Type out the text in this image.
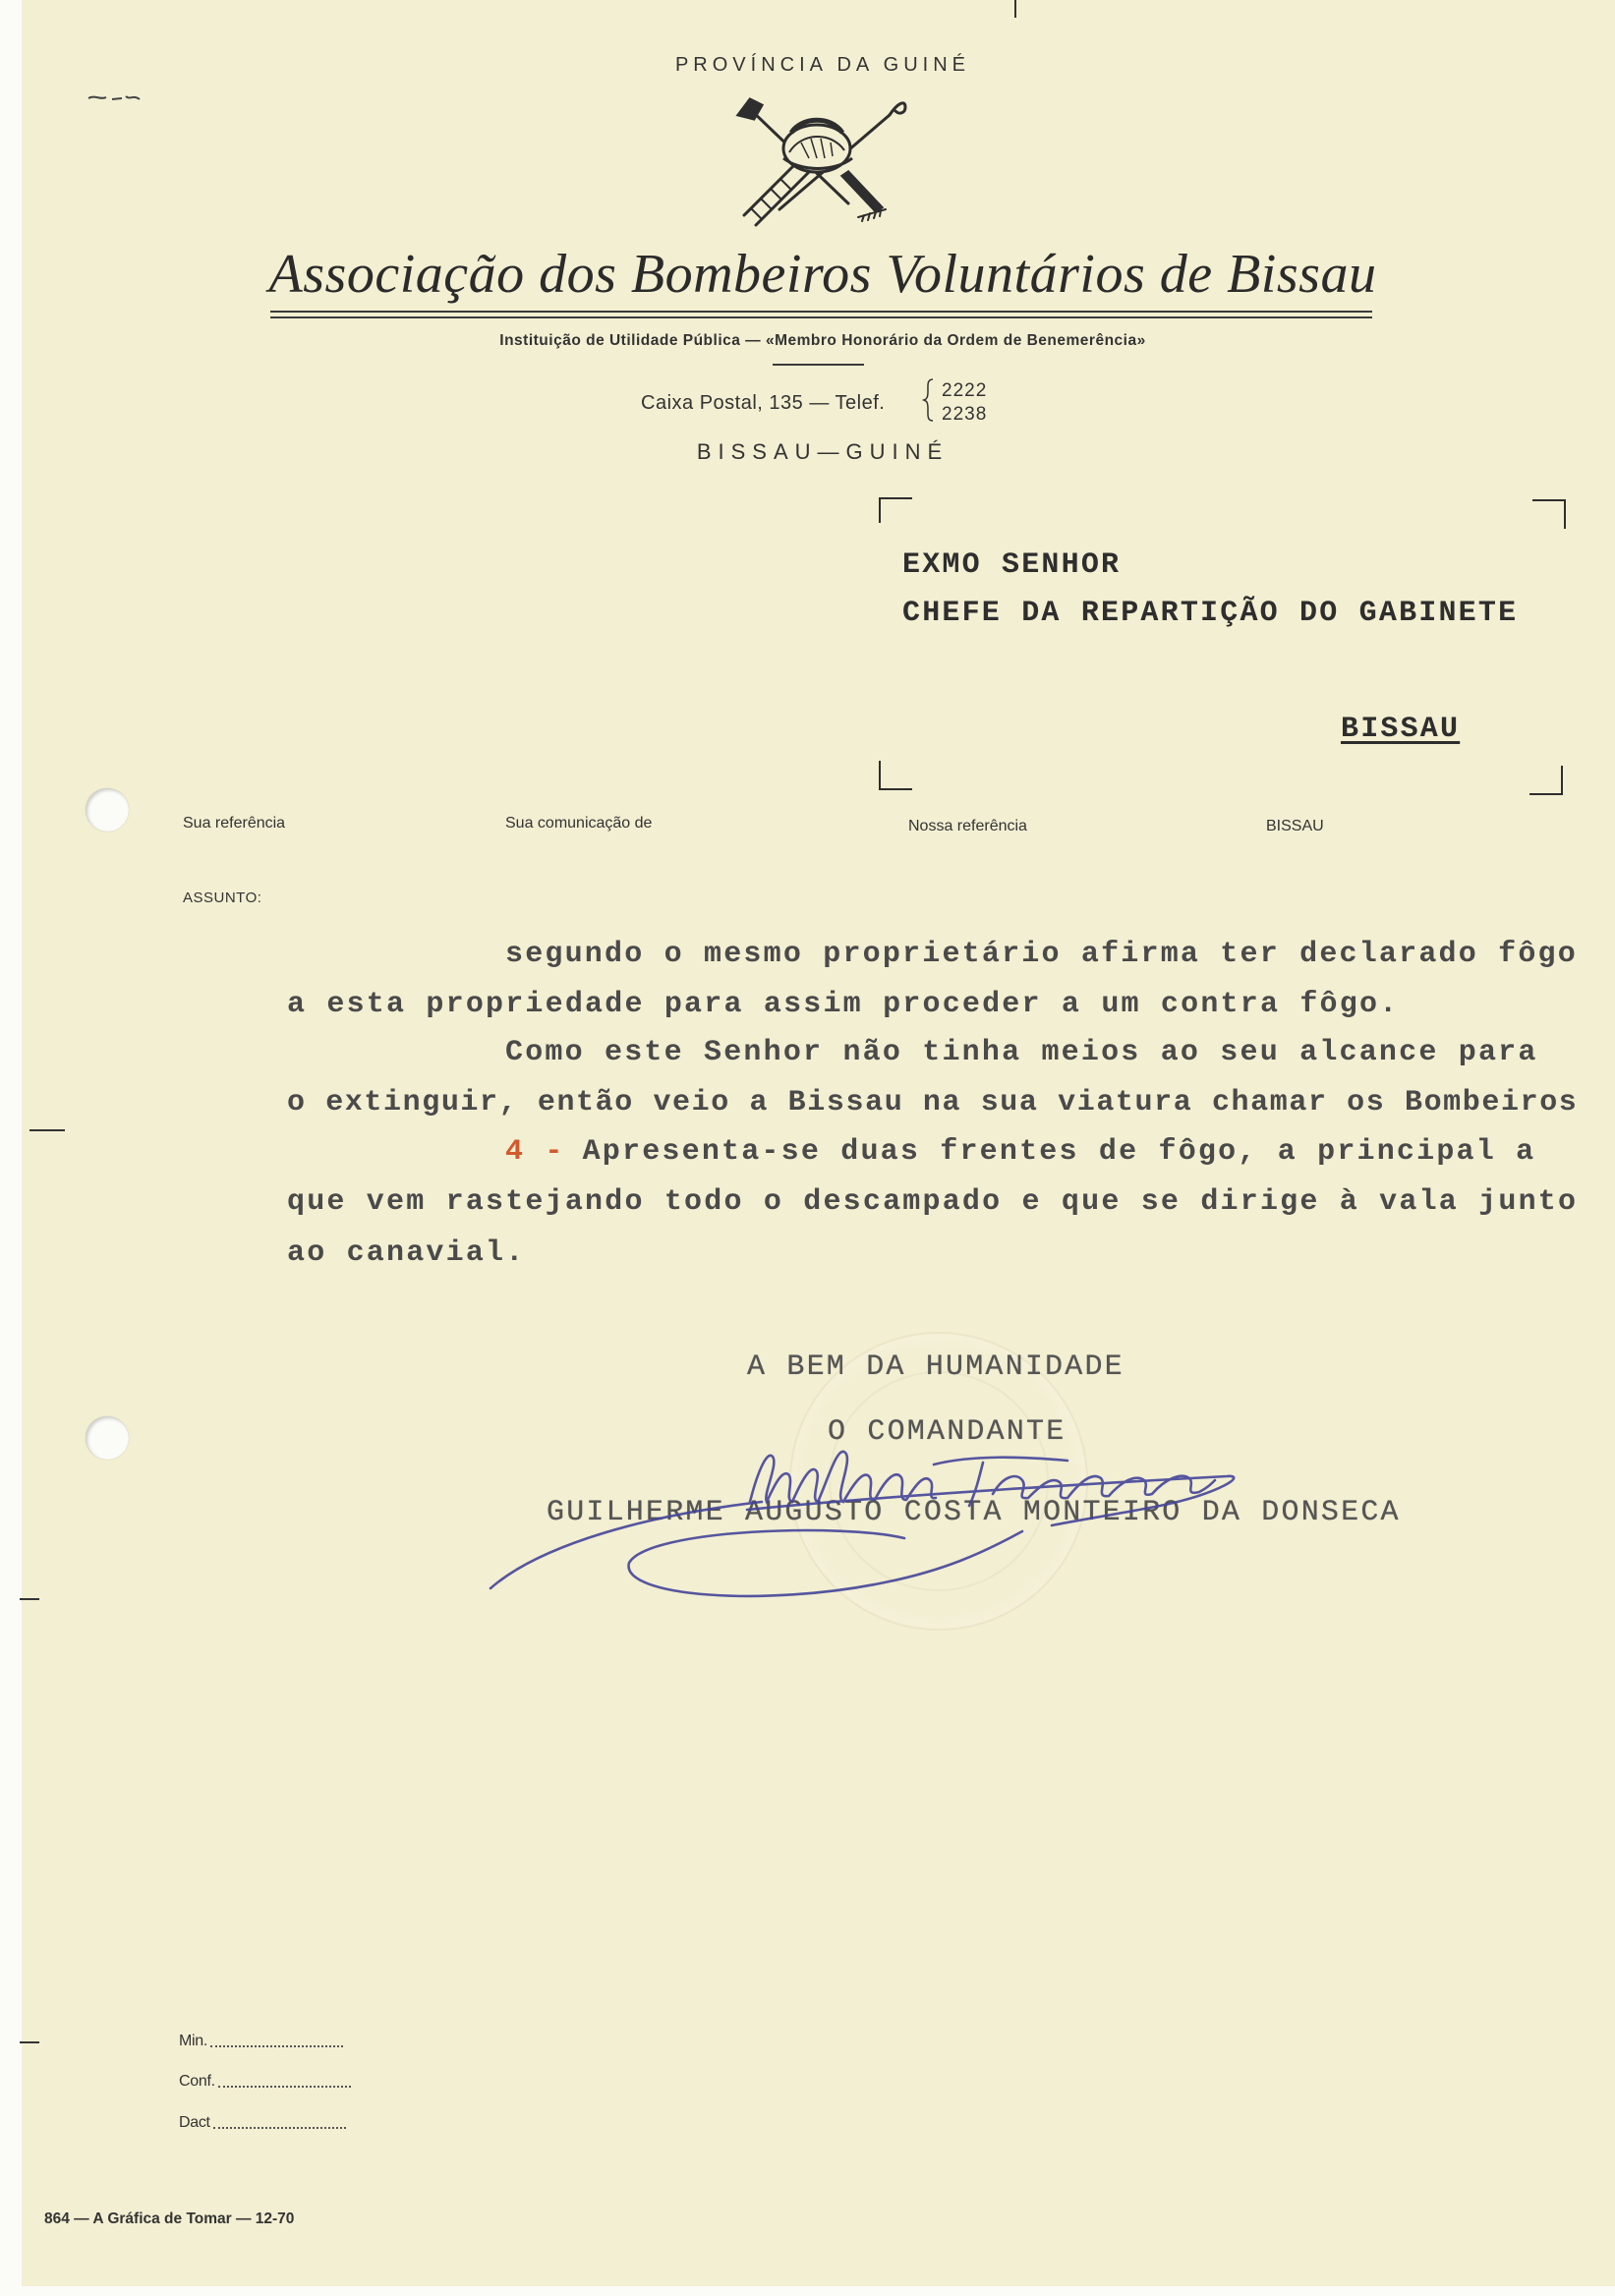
PROVÍNCIA DA GUINÉ
Associação dos Bombeiros Voluntários de Bissau
Instituição de Utilidade Pública — «Membro Honorário da Ordem de Benemerência»
Caixa Postal, 135 — Telef.
2222
2238
BISSAU—GUINÉ
EXMO SENHOR
CHEFE DA REPARTIÇÃO DO GABINETE
BISSAU
Sua referência	Sua comunicação de	Nossa referência	BISSAU
ASSUNTO:
segundo o mesmo proprietário afirma ter declarado fôgo
a esta propriedade para assim proceder a um contra fôgo.
Como este Senhor não tinha meios ao seu alcance para
o extinguir, então veio a Bissau na sua viatura chamar os Bombeiros
4 - Apresenta-se duas frentes de fôgo, a principal a
que vem rastejando todo o descampado e que se dirige à vala junto
ao canavial.
A BEM DA HUMANIDADE
O COMANDANTE
GUILHERME AUGUSTO COSTA MONTEIRO DA DONSECA
Min.
Conf.
Dact
864 — A Gráfica de Tomar — 12-70
